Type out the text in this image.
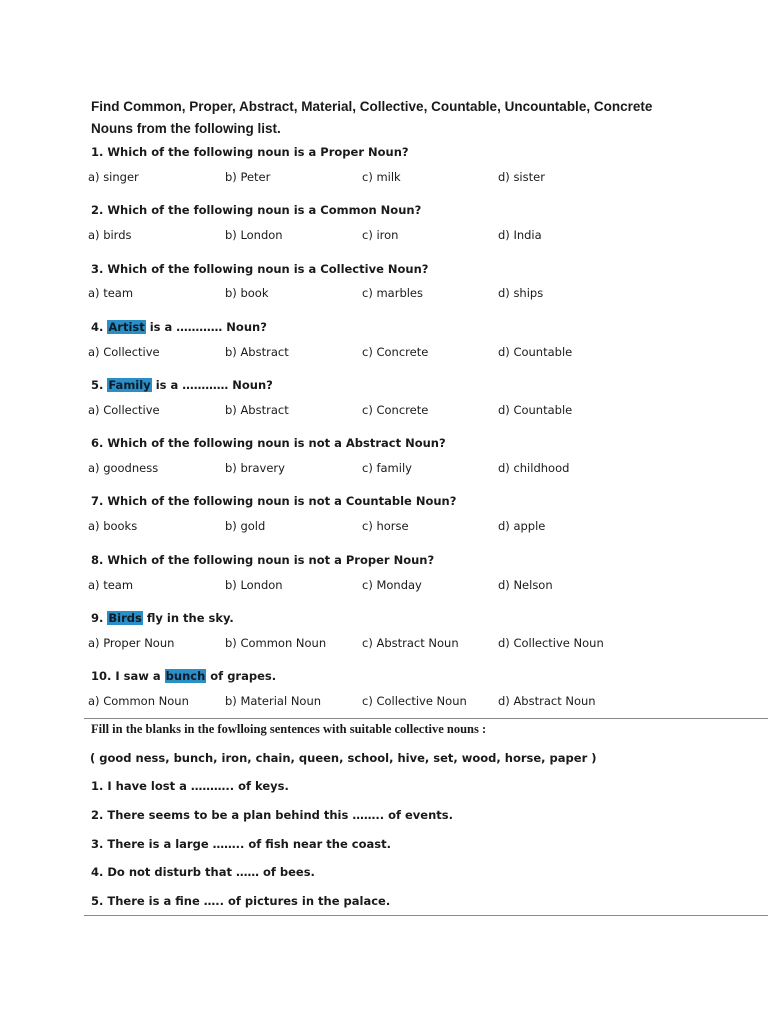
Find Common, Proper, Abstract, Material, Collective, Countable, Uncountable, Concrete
Nouns from the following list.
1. Which of the following noun is a Proper Noun?
a) singer	b) Peter	c) milk	d) sister
2. Which of the following noun is a Common Noun?
a) birds	b) London	c) iron	d) India
3. Which of the following noun is a Collective Noun?
a) team	b) book	c) marbles	d) ships
4. Artist is a ………… Noun?
a) Collective	b) Abstract	c) Concrete	d) Countable
5. Family is a ………… Noun?
a) Collective	b) Abstract	c) Concrete	d) Countable
6. Which of the following noun is not a Abstract Noun?
a) goodness	b) bravery	c) family	d) childhood
7. Which of the following noun is not a Countable Noun?
a) books	b) gold	c) horse	d) apple
8. Which of the following noun is not a Proper Noun?
a) team	b) London	c) Monday	d) Nelson
9. Birds fly in the sky.
a) Proper Noun	b) Common Noun	c) Abstract Noun	d) Collective Noun
10. I saw a bunch of grapes.
a) Common Noun	b) Material Noun	c) Collective Noun	d) Abstract Noun
Fill in the blanks in the fowlloing sentences with suitable collective nouns :
( good ness, bunch, iron, chain, queen, school, hive, set, wood, horse, paper )
1. I have lost a ……….. of keys.
2. There seems to be a plan behind this …….. of events.
3. There is a large …….. of fish near the coast.
4. Do not disturb that …… of bees.
5. There is a fine ….. of pictures in the palace.
